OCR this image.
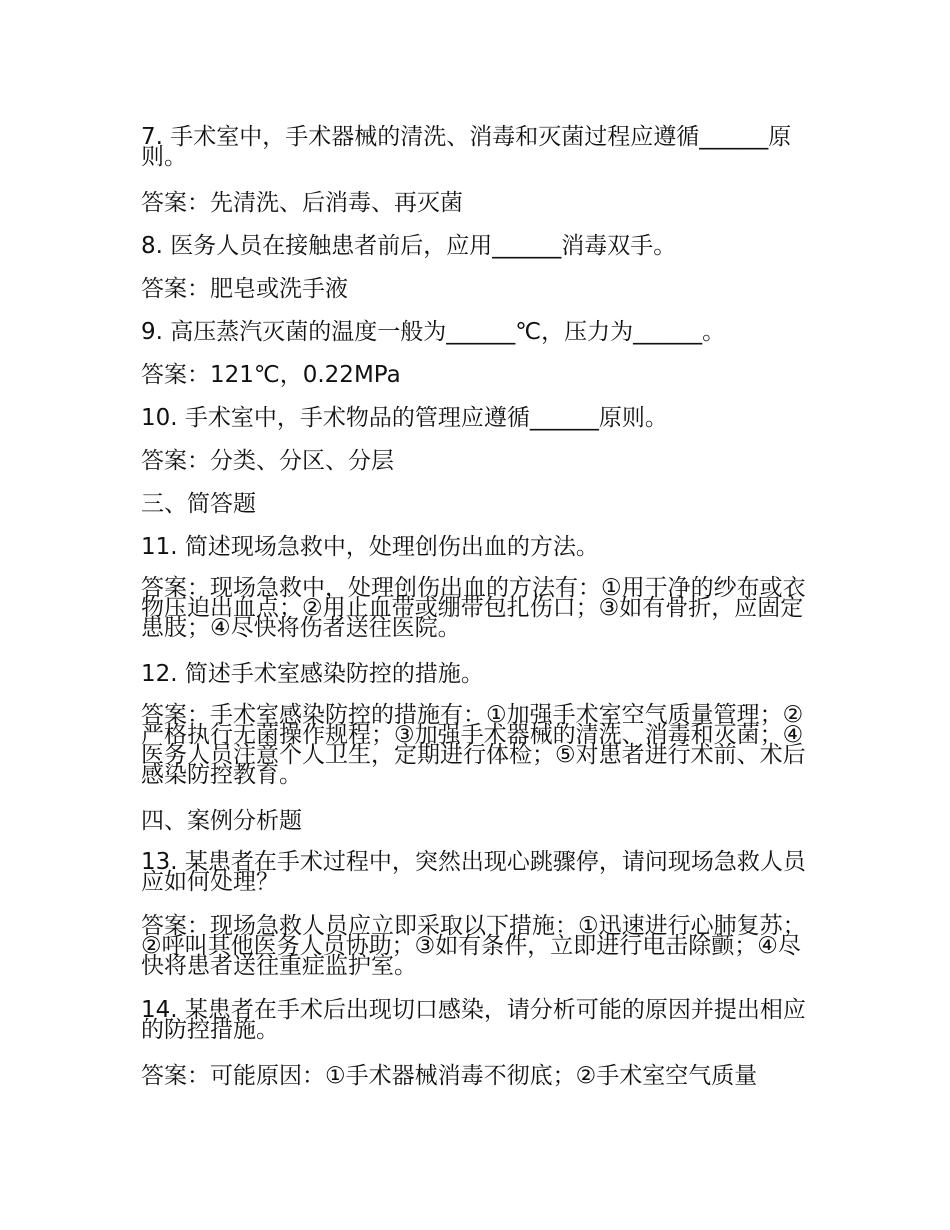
7. 手术室中，手术器械的清洗、消毒和灭菌过程应遵循______原则。

答案：先清洗、后消毒、再灭菌

8. 医务人员在接触患者前后，应用______消毒双手。

答案：肥皂或洗手液

9. 高压蒸汽灭菌的温度一般为______℃，压力为______。

答案：121℃，0.22MPa

10. 手术室中，手术物品的管理应遵循______原则。

答案：分类、分区、分层

三、简答题

11. 简述现场急救中，处理创伤出血的方法。

答案：现场急救中，处理创伤出血的方法有：①用干净的纱布或衣物压迫出血点；②用止血带或绷带包扎伤口；③如有骨折，应固定患肢；④尽快将伤者送往医院。

12. 简述手术室感染防控的措施。

答案：手术室感染防控的措施有：①加强手术室空气质量管理；②严格执行无菌操作规程；③加强手术器械的清洗、消毒和灭菌；④医务人员注意个人卫生，定期进行体检；⑤对患者进行术前、术后感染防控教育。

四、案例分析题

13. 某患者在手术过程中，突然出现心跳骤停，请问现场急救人员应如何处理？

答案：现场急救人员应立即采取以下措施：①迅速进行心肺复苏；②呼叫其他医务人员协助；③如有条件，立即进行电击除颤；④尽快将患者送往重症监护室。

14. 某患者在手术后出现切口感染，请分析可能的原因并提出相应的防控措施。

答案：可能原因：①手术器械消毒不彻底；②手术室空气质量
